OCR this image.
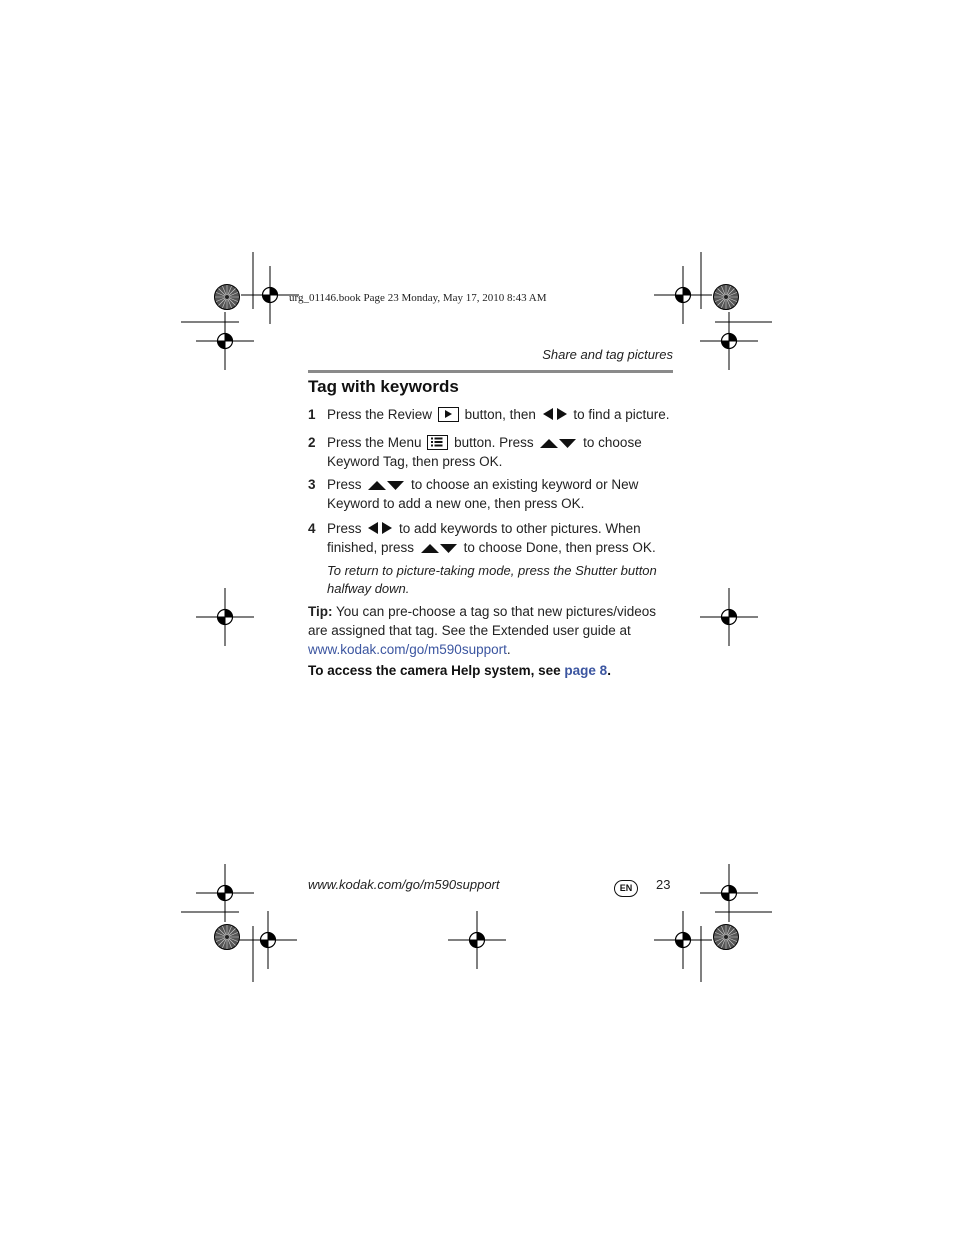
urg_01146.book Page 23 Monday, May 17, 2010 8:43 AM
Share and tag pictures
Tag with keywords
1 Press the Review button, then	to find a picture.
2 Press the Menu button. Press	to choose Keyword Tag, then press OK.
3 Press	to choose an existing keyword or New Keyword to add a new one, then press OK.
4 Press	to add keywords to other pictures. When finished, press	to choose Done, then press OK.
To return to picture-taking mode, press the Shutter button halfway down.
Tip: You can pre-choose a tag so that new pictures/videos are assigned that tag. See the Extended user guide at www.kodak.com/go/m590support.
To access the camera Help system, see page 8.
www.kodak.com/go/m590support	EN	23
